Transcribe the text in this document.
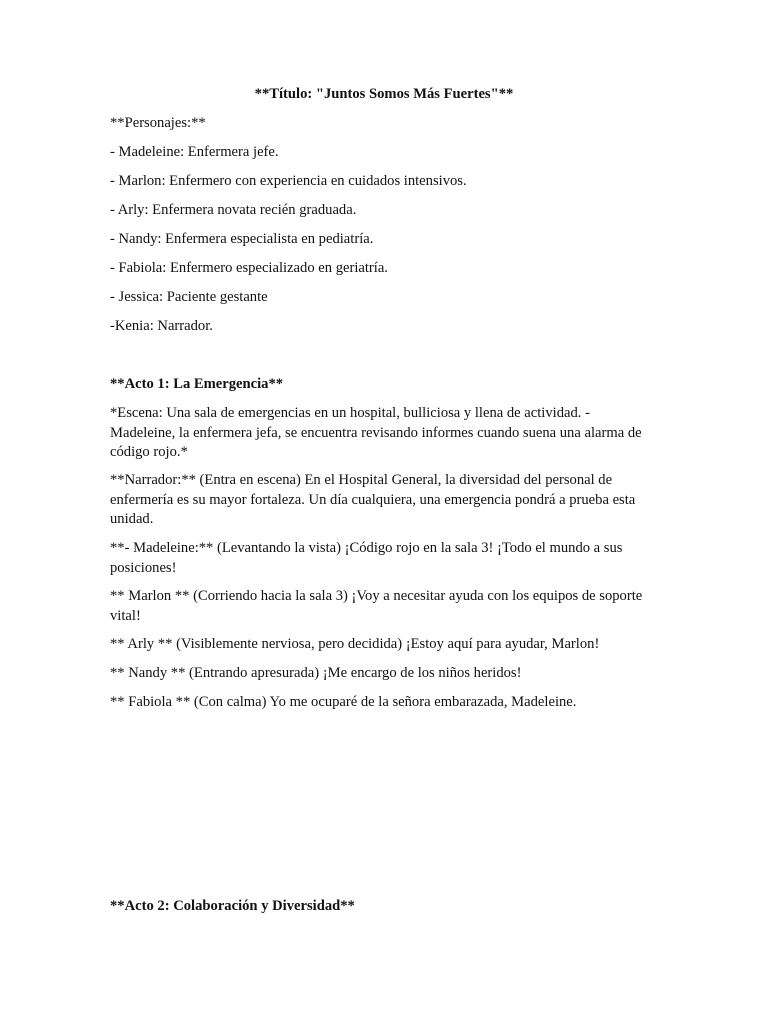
**Título: "Juntos Somos Más Fuertes"**

**Personajes:**

- Madeleine: Enfermera jefe.

- Marlon: Enfermero con experiencia en cuidados intensivos.

- Arly: Enfermera novata recién graduada.

- Nandy: Enfermera especialista en pediatría.

- Fabiola: Enfermero especializado en geriatría.

- Jessica: Paciente gestante

-Kenia: Narrador.

**Acto 1: La Emergencia**

*Escena: Una sala de emergencias en un hospital, bulliciosa y llena de actividad. - Madeleine, la enfermera jefa, se encuentra revisando informes cuando suena una alarma de código rojo.*

**Narrador:** (Entra en escena) En el Hospital General, la diversidad del personal de enfermería es su mayor fortaleza. Un día cualquiera, una emergencia pondrá a prueba esta unidad.

**- Madeleine:** (Levantando la vista) ¡Código rojo en la sala 3! ¡Todo el mundo a sus posiciones!

** Marlon ** (Corriendo hacia la sala 3) ¡Voy a necesitar ayuda con los equipos de soporte vital!

** Arly ** (Visiblemente nerviosa, pero decidida) ¡Estoy aquí para ayudar, Marlon!

** Nandy ** (Entrando apresurada) ¡Me encargo de los niños heridos!

** Fabiola ** (Con calma) Yo me ocuparé de la señora embarazada, Madeleine.

**Acto 2: Colaboración y Diversidad**
